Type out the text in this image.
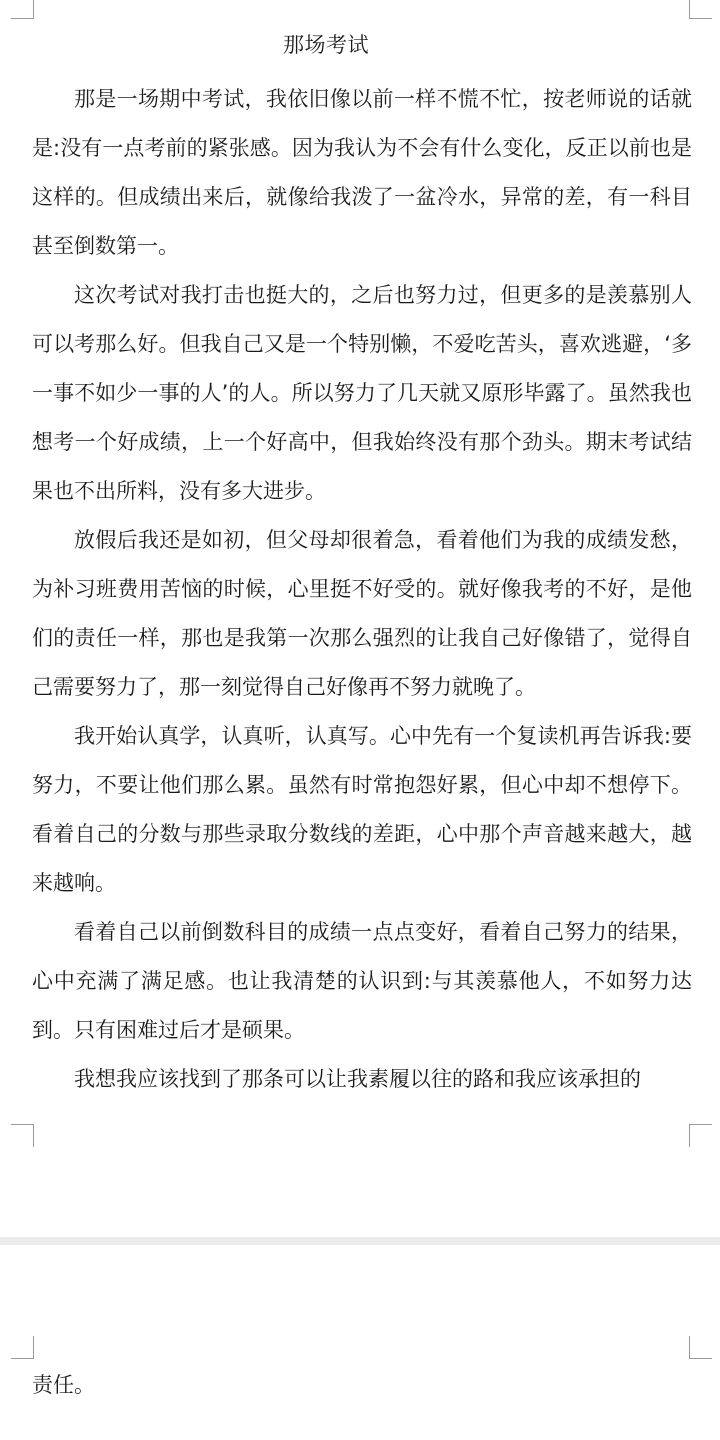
那场考试

那是一场期中考试，我依旧像以前一样不慌不忙，按老师说的话就是:没有一点考前的紧张感。因为我认为不会有什么变化，反正以前也是这样的。但成绩出来后，就像给我泼了一盆冷水，异常的差，有一科目甚至倒数第一。

这次考试对我打击也挺大的，之后也努力过，但更多的是羡慕别人可以考那么好。但我自己又是一个特别懒，不爱吃苦头，喜欢逃避，‘多一事不如少一事的人’的人。所以努力了几天就又原形毕露了。虽然我也想考一个好成绩，上一个好高中，但我始终没有那个劲头。期末考试结果也不出所料，没有多大进步。

放假后我还是如初，但父母却很着急，看着他们为我的成绩发愁，为补习班费用苦恼的时候，心里挺不好受的。就好像我考的不好，是他们的责任一样，那也是我第一次那么强烈的让我自己好像错了，觉得自己需要努力了，那一刻觉得自己好像再不努力就晚了。

我开始认真学，认真听，认真写。心中先有一个复读机再告诉我:要努力，不要让他们那么累。虽然有时常抱怨好累，但心中却不想停下。看着自己的分数与那些录取分数线的差距，心中那个声音越来越大，越来越响。

看着自己以前倒数科目的成绩一点点变好，看着自己努力的结果，心中充满了满足感。也让我清楚的认识到:与其羡慕他人，不如努力达到。只有困难过后才是硕果。

我想我应该找到了那条可以让我素履以往的路和我应该承担的

责任。
